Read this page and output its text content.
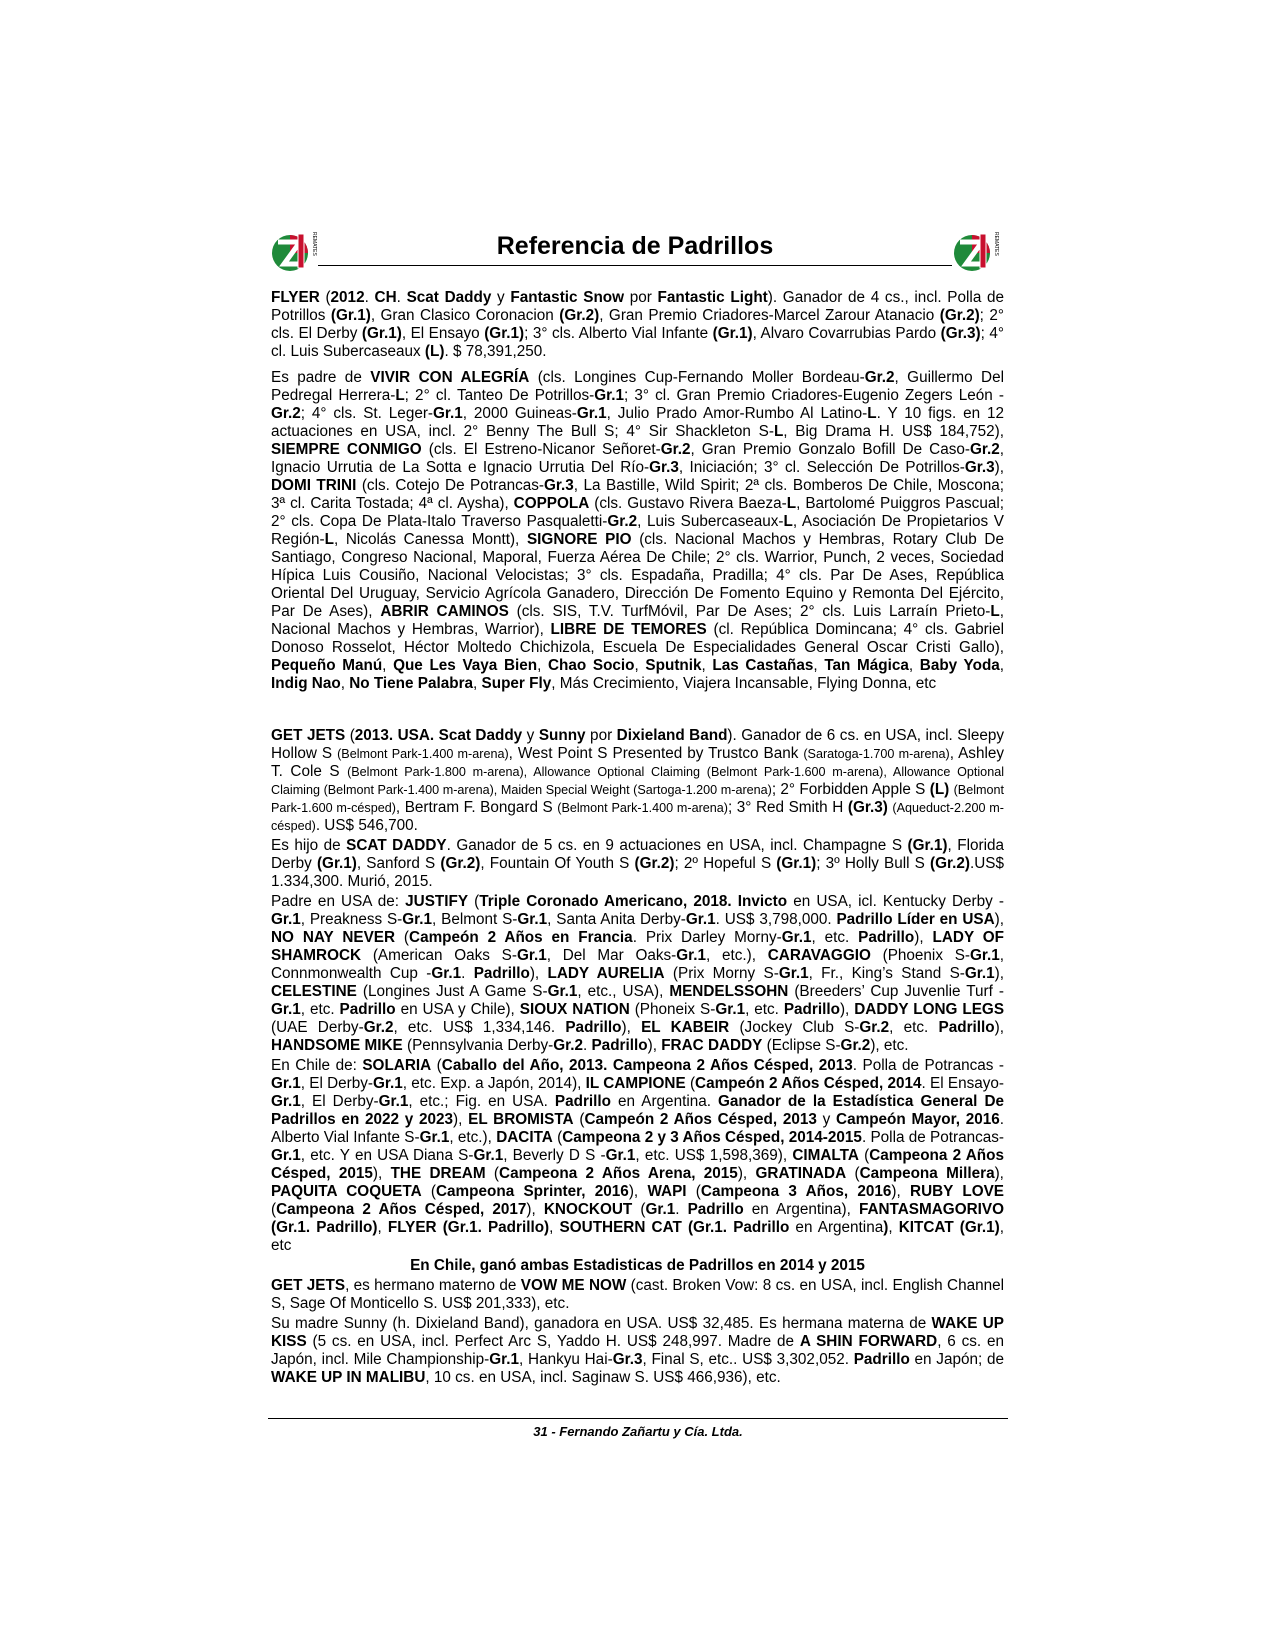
REMATES	REMATES
Referencia de Padrillos

FLYER (2012. CH. Scat Daddy y Fantastic Snow por Fantastic Light). Ganador de 4 cs., incl. Polla de Potrillos (Gr.1), Gran Clasico Coronacion (Gr.2), Gran Premio Criadores-Marcel Zarour Atanacio (Gr.2); 2° cls. El Derby (Gr.1), El Ensayo (Gr.1); 3° cls. Alberto Vial Infante (Gr.1), Alvaro Covarrubias Pardo (Gr.3); 4° cl. Luis Subercaseaux (L). $ 78,391,250.

Es padre de VIVIR CON ALEGRÍA (cls. Longines Cup-Fernando Moller Bordeau-Gr.2, Guillermo Del Pedregal Herrera-L; 2° cl. Tanteo De Potrillos-Gr.1; 3° cl. Gran Premio Criadores-Eugenio Zegers León -Gr.2; 4° cls. St. Leger-Gr.1, 2000 Guineas-Gr.1, Julio Prado Amor-Rumbo Al Latino-L. Y 10 figs. en 12 actuaciones en USA, incl. 2° Benny The Bull S; 4° Sir Shackleton S-L, Big Drama H. US$ 184,752), SIEMPRE CONMIGO (cls. El Estreno-Nicanor Señoret-Gr.2, Gran Premio Gonzalo Bofill De Caso-Gr.2, Ignacio Urrutia de La Sotta e Ignacio Urrutia Del Río-Gr.3, Iniciación; 3° cl. Selección De Potrillos-Gr.3), DOMI TRINI (cls. Cotejo De Potrancas-Gr.3, La Bastille, Wild Spirit; 2ª cls. Bomberos De Chile, Moscona; 3ª cl. Carita Tostada; 4ª cl. Aysha), COPPOLA (cls. Gustavo Rivera Baeza-L, Bartolomé Puiggros Pascual; 2° cls. Copa De Plata-Italo Traverso Pasqualetti-Gr.2, Luis Subercaseaux-L, Asociación De Propietarios V Región-L, Nicolás Canessa Montt), SIGNORE PIO (cls. Nacional Machos y Hembras, Rotary Club De Santiago, Congreso Nacional, Maporal, Fuerza Aérea De Chile; 2° cls. Warrior, Punch, 2 veces, Sociedad Hípica Luis Cousiño, Nacional Velocistas; 3° cls. Espadaña, Pradilla; 4° cls. Par De Ases, República Oriental Del Uruguay, Servicio Agrícola Ganadero, Dirección De Fomento Equino y Remonta Del Ejército, Par De Ases), ABRIR CAMINOS (cls. SIS, T.V. TurfMóvil, Par De Ases; 2° cls. Luis Larraín Prieto-L, Nacional Machos y Hembras, Warrior), LIBRE DE TEMORES (cl. República Domincana; 4° cls. Gabriel Donoso Rosselot, Héctor Moltedo Chichizola, Escuela De Especialidades General Oscar Cristi Gallo), Pequeño Manú, Que Les Vaya Bien, Chao Socio, Sputnik, Las Castañas, Tan Mágica, Baby Yoda, Indig Nao, No Tiene Palabra, Super Fly, Más Crecimiento, Viajera Incansable, Flying Donna, etc

GET JETS (2013. USA. Scat Daddy y Sunny por Dixieland Band). Ganador de 6 cs. en USA, incl. Sleepy Hollow S (Belmont Park-1.400 m-arena), West Point S Presented by Trustco Bank (Saratoga-1.700 m-arena), Ashley T. Cole S (Belmont Park-1.800 m-arena), Allowance Optional Claiming (Belmont Park-1.600 m-arena), Allowance Optional Claiming (Belmont Park-1.400 m-arena), Maiden Special Weight (Sartoga-1.200 m-arena); 2° Forbidden Apple S (L) (Belmont Park-1.600 m-césped), Bertram F. Bongard S (Belmont Park-1.400 m-arena); 3° Red Smith H (Gr.3) (Aqueduct-2.200 m-césped). US$ 546,700.

Es hijo de SCAT DADDY. Ganador de 5 cs. en 9 actuaciones en USA, incl. Champagne S (Gr.1), Florida Derby (Gr.1), Sanford S (Gr.2), Fountain Of Youth S (Gr.2); 2º Hopeful S (Gr.1); 3º Holly Bull S (Gr.2).US$ 1.334,300. Murió, 2015.

Padre en USA de: JUSTIFY (Triple Coronado Americano, 2018. Invicto en USA, icl. Kentucky Derby -Gr.1, Preakness S-Gr.1, Belmont S-Gr.1, Santa Anita Derby-Gr.1. US$ 3,798,000. Padrillo Líder en USA), NO NAY NEVER (Campeón 2 Años en Francia. Prix Darley Morny-Gr.1, etc. Padrillo), LADY OF SHAMROCK (American Oaks S-Gr.1, Del Mar Oaks-Gr.1, etc.), CARAVAGGIO (Phoenix S-Gr.1, Connmonwealth Cup -Gr.1. Padrillo), LADY AURELIA (Prix Morny S-Gr.1, Fr., King’s Stand S-Gr.1), CELESTINE (Longines Just A Game S-Gr.1, etc., USA), MENDELSSOHN (Breeders’ Cup Juvenlie Turf -Gr.1, etc. Padrillo en USA y Chile), SIOUX NATION (Phoneix S-Gr.1, etc. Padrillo), DADDY LONG LEGS (UAE Derby-Gr.2, etc. US$ 1,334,146. Padrillo), EL KABEIR (Jockey Club S-Gr.2, etc. Padrillo), HANDSOME MIKE (Pennsylvania Derby-Gr.2. Padrillo), FRAC DADDY (Eclipse S-Gr.2), etc.

En Chile de: SOLARIA (Caballo del Año, 2013. Campeona 2 Años Césped, 2013. Polla de Potrancas -Gr.1, El Derby-Gr.1, etc. Exp. a Japón, 2014), IL CAMPIONE (Campeón 2 Años Césped, 2014. El Ensayo-Gr.1, El Derby-Gr.1, etc.; Fig. en USA. Padrillo en Argentina. Ganador de la Estadística General De Padrillos en 2022 y 2023), EL BROMISTA (Campeón 2 Años Césped, 2013 y Campeón Mayor, 2016. Alberto Vial Infante S-Gr.1, etc.), DACITA (Campeona 2 y 3 Años Césped, 2014-2015. Polla de Potrancas-Gr.1, etc. Y en USA Diana S-Gr.1, Beverly D S -Gr.1, etc. US$ 1,598,369), CIMALTA (Campeona 2 Años Césped, 2015), THE DREAM (Campeona 2 Años Arena, 2015), GRATINADA (Campeona Millera), PAQUITA COQUETA (Campeona Sprinter, 2016), WAPI (Campeona 3 Años, 2016), RUBY LOVE (Campeona 2 Años Césped, 2017), KNOCKOUT (Gr.1. Padrillo en Argentina), FANTASMAGORIVO (Gr.1. Padrillo), FLYER (Gr.1. Padrillo), SOUTHERN CAT (Gr.1. Padrillo en Argentina), KITCAT (Gr.1), etc

En Chile, ganó ambas Estadisticas de Padrillos en 2014 y 2015

GET JETS, es hermano materno de VOW ME NOW (cast. Broken Vow: 8 cs. en USA, incl. English Channel S, Sage Of Monticello S. US$ 201,333), etc.

Su madre Sunny (h. Dixieland Band), ganadora en USA. US$ 32,485. Es hermana materna de WAKE UP KISS (5 cs. en USA, incl. Perfect Arc S, Yaddo H. US$ 248,997. Madre de A SHIN FORWARD, 6 cs. en Japón, incl. Mile Championship-Gr.1, Hankyu Hai-Gr.3, Final S, etc.. US$ 3,302,052. Padrillo en Japón; de WAKE UP IN MALIBU, 10 cs. en USA, incl. Saginaw S. US$ 466,936), etc.

31 - Fernando Zañartu y Cía. Ltda.
